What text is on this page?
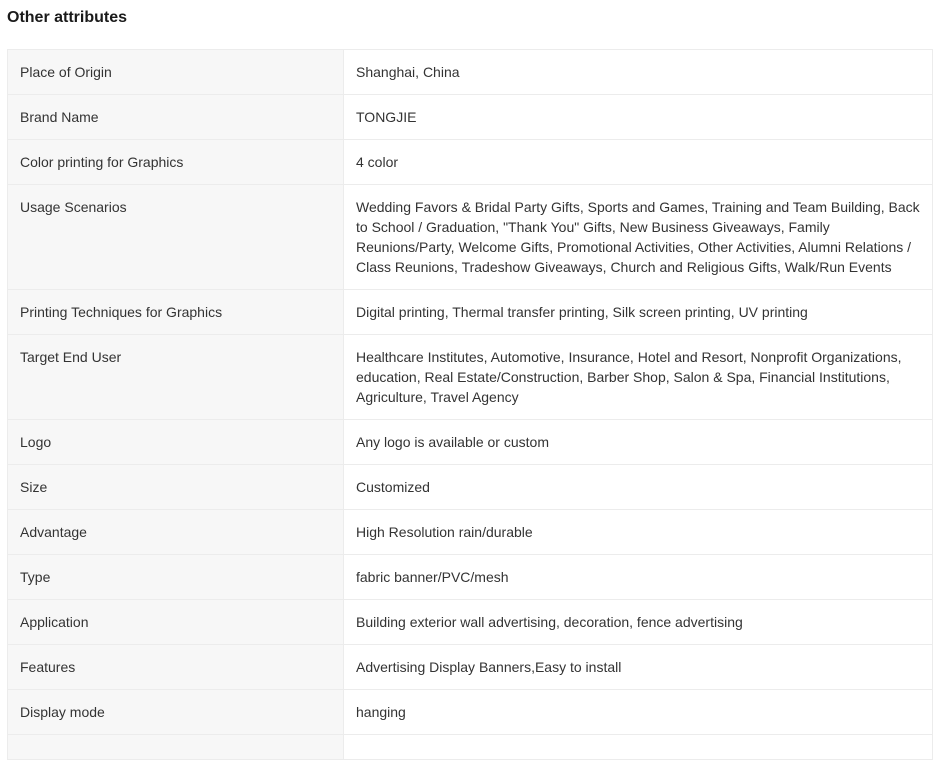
Other attributes
Place of Origin	Shanghai, China
Brand Name	TONGJIE
Color printing for Graphics	4 color
Usage Scenarios	Wedding Favors & Bridal Party Gifts, Sports and Games, Training and Team Building, Back to School / Graduation, "Thank You" Gifts, New Business Giveaways, Family Reunions/Party, Welcome Gifts, Promotional Activities, Other Activities, Alumni Relations / Class Reunions, Tradeshow Giveaways, Church and Religious Gifts, Walk/Run Events
Printing Techniques for Graphics	Digital printing, Thermal transfer printing, Silk screen printing, UV printing
Target End User	Healthcare Institutes, Automotive, Insurance, Hotel and Resort, Nonprofit Organizations, education, Real Estate/Construction, Barber Shop, Salon & Spa, Financial Institutions, Agriculture, Travel Agency
Logo	Any logo is available or custom
Size	Customized
Advantage	High Resolution rain/durable
Type	fabric banner/PVC/mesh
Application	Building exterior wall advertising, decoration, fence advertising
Features	Advertising Display Banners,Easy to install
Display mode	hanging
